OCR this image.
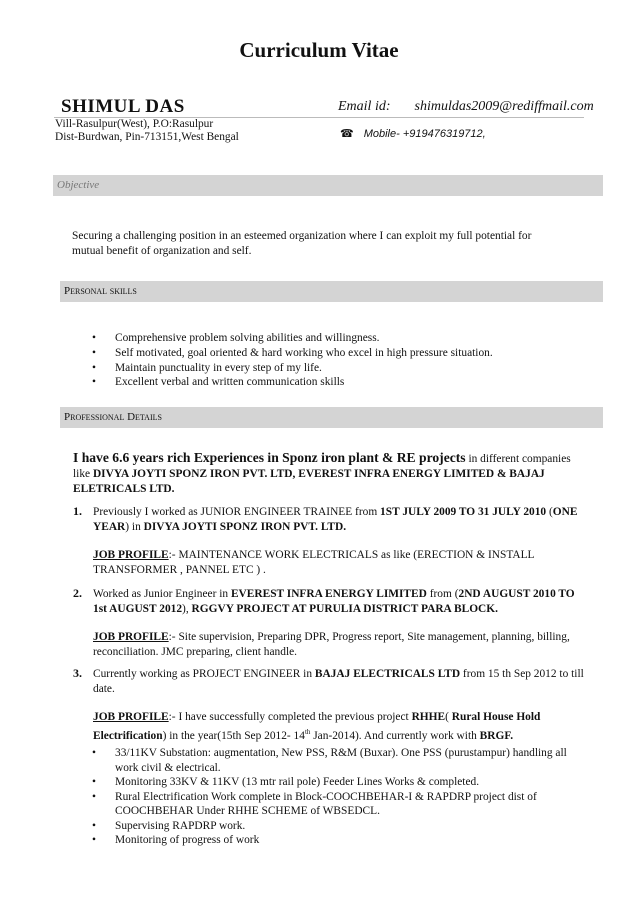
Curriculum Vitae
SHIMUL DAS	Email id: shimuldas2009@rediffmail.com
Vill-Rasulpur(West), P.O:Rasulpur
Dist-Burdwan, Pin-713151,West Bengal	☎ Mobile- +919476319712,
Objective
Securing a challenging position in an esteemed organization where I can exploit my full potential for
mutual benefit of organization and self.
Personal skills
• Comprehensive problem solving abilities and willingness.
• Self motivated, goal oriented & hard working who excel in high pressure situation.
• Maintain punctuality in every step of my life.
• Excellent verbal and written communication skills
Professional Details
I have 6.6 years rich Experiences in Sponz iron plant & RE projects in different companies
like DIVYA JOYTI SPONZ IRON PVT. LTD, EVEREST INFRA ENERGY LIMITED & BAJAJ
ELETRICALS LTD.
1. Previously I worked as JUNIOR ENGINEER TRAINEE from 1ST JULY 2009 TO 31 JULY 2010 (ONE
YEAR) in DIVYA JOYTI SPONZ IRON PVT. LTD.
JOB PROFILE:- MAINTENANCE WORK ELECTRICALS as like (ERECTION & INSTALL
TRANSFORMER , PANNEL ETC ) .
2. Worked as Junior Engineer in EVEREST INFRA ENERGY LIMITED from (2ND AUGUST 2010 TO
1st AUGUST 2012), RGGVY PROJECT AT PURULIA DISTRICT PARA BLOCK.
JOB PROFILE:- Site supervision, Preparing DPR, Progress report, Site management, planning, billing,
reconciliation. JMC preparing, client handle.
3. Currently working as PROJECT ENGINEER in BAJAJ ELECTRICALS LTD from 15 th Sep 2012 to till
date.
JOB PROFILE:- I have successfully completed the previous project RHHE( Rural House Hold
Electrification) in the year(15th Sep 2012- 14th Jan-2014). And currently work with BRGF.
• 33/11KV Substation: augmentation, New PSS, R&M (Buxar). One PSS (purustampur) handling all
work civil & electrical.
• Monitoring 33KV & 11KV (13 mtr rail pole) Feeder Lines Works & completed.
• Rural Electrification Work complete in Block-COOCHBEHAR-I & RAPDRP project dist of
COOCHBEHAR Under RHHE SCHEME of WBSEDCL.
• Supervising RAPDRP work.
• Monitoring of progress of work
